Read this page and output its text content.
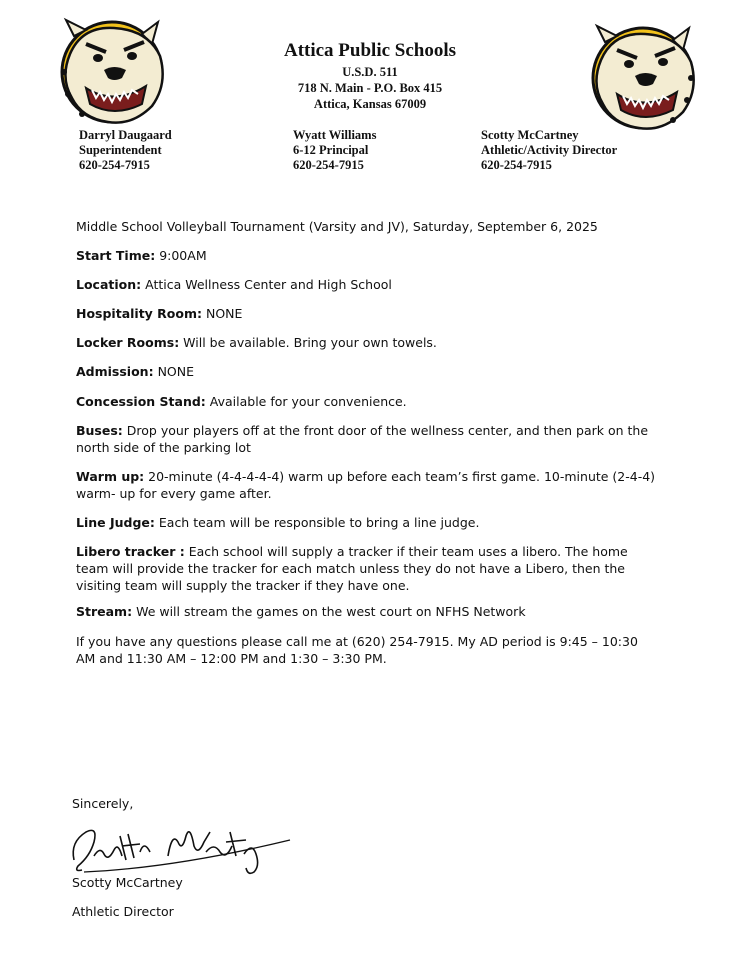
Attica Public Schools
U.S.D. 511
718 N. Main - P.O. Box 415
Attica, Kansas 67009
Darryl Daugaard
Superintendent
620-254-7915
Wyatt Williams
6-12 Principal
620-254-7915
Scotty McCartney
Athletic/Activity Director
620-254-7915

Middle School Volleyball Tournament (Varsity and JV), Saturday, September 6, 2025

Start Time: 9:00AM

Location: Attica Wellness Center and High School

Hospitality Room: NONE

Locker Rooms: Will be available. Bring your own towels.

Admission: NONE

Concession Stand: Available for your convenience.

Buses: Drop your players off at the front door of the wellness center, and then park on the north side of the parking lot

Warm up: 20-minute (4-4-4-4-4) warm up before each team’s first game. 10-minute (2-4-4) warm- up for every game after.

Line Judge: Each team will be responsible to bring a line judge.

Libero tracker : Each school will supply a tracker if their team uses a libero. The home team will provide the tracker for each match unless they do not have a Libero, then the visiting team will supply the tracker if they have one.

Stream: We will stream the games on the west court on NFHS Network

If you have any questions please call me at (620) 254-7915. My AD period is 9:45 – 10:30 AM and 11:30 AM – 12:00 PM and 1:30 – 3:30 PM.

Sincerely,
Scotty McCartney
Athletic Director
